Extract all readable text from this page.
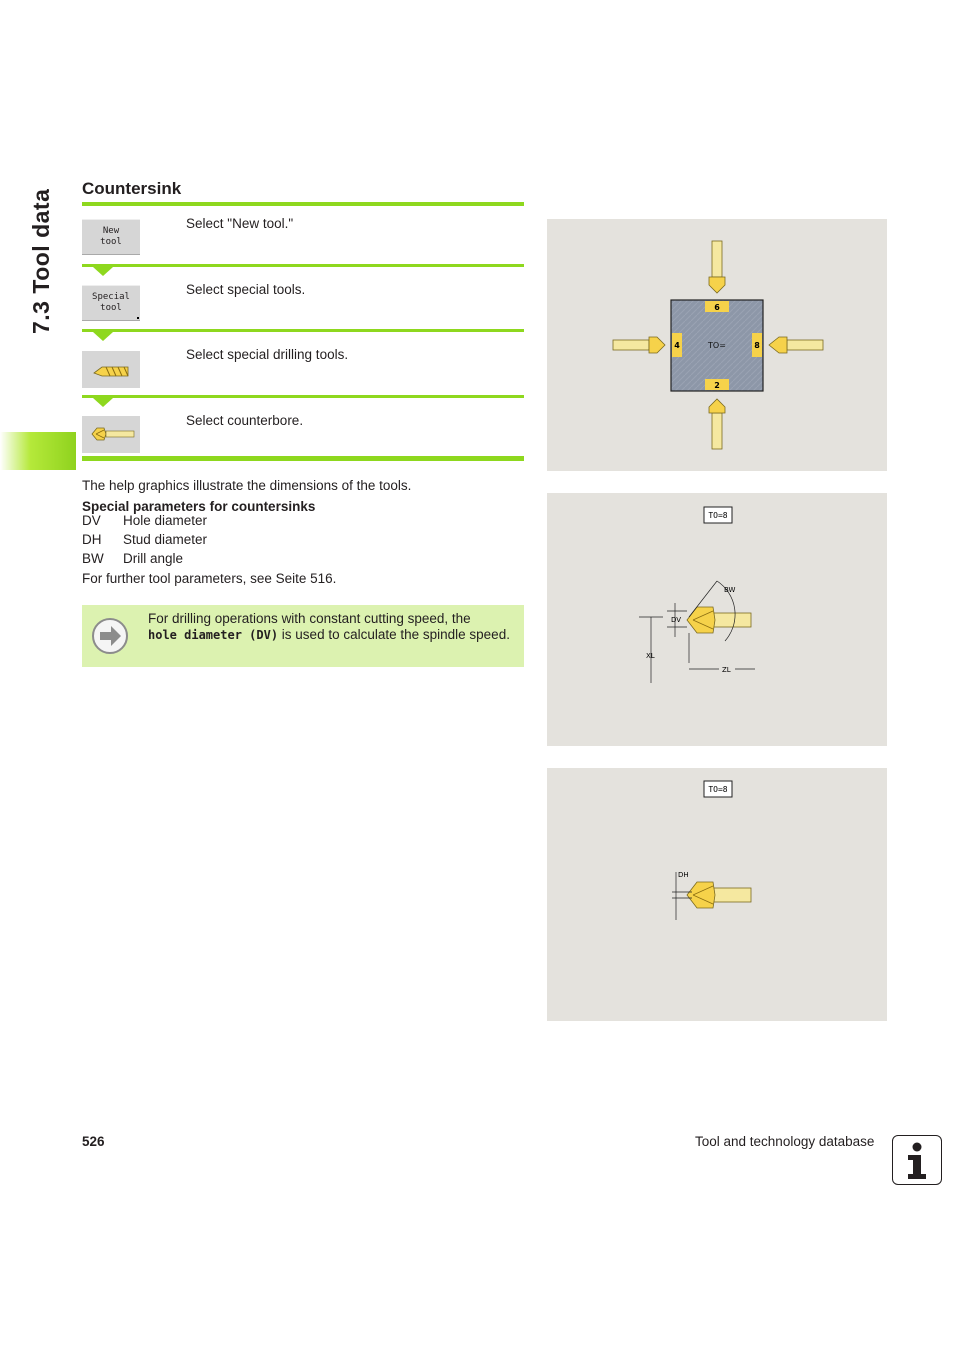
7.3 Tool data
Countersink
New
tool
Select "New tool."
Special
tool
Select special tools.
Select special drilling tools.
Select counterbore.
The help graphics illustrate the dimensions of the tools.
Special parameters for countersinks
DV Hole diameter
DH Stud diameter
BW Drill angle
For further tool parameters, see Seite 516.
For drilling operations with constant cutting speed, the
hole diameter (DV) is used to calculate the spindle speed.
6
2
4	8
TO=
TO=8
BW
DV
XL
ZL
TO=8
DH
526	Tool and technology database
